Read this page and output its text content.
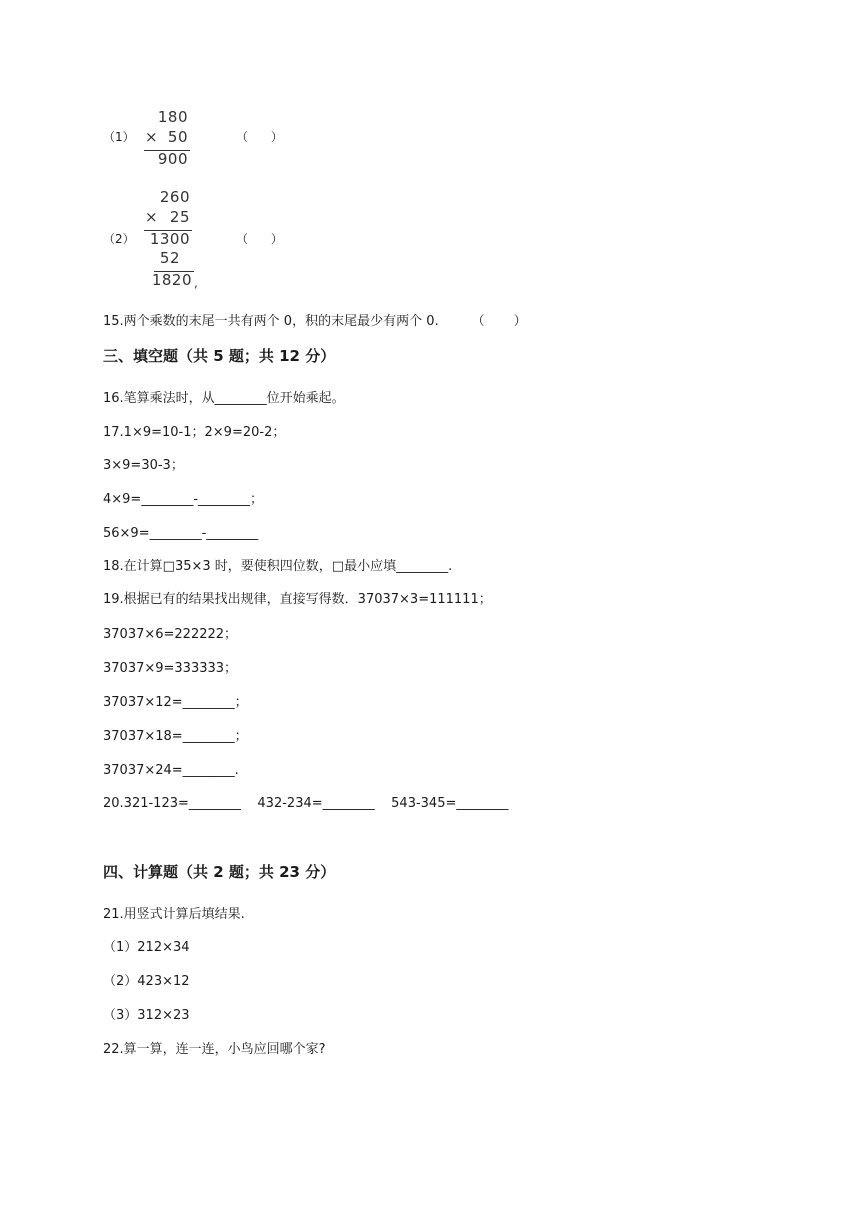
（1）
180
× 50
900
（      ）
（2）
260
× 25
1300
52
1820 ,
（      ）
15.两个乘数的末尾一共有两个 0，积的末尾最少有两个 0.        （       ）
三、填空题（共 5 题；共 12 分）
16.笔算乘法时，从________位开始乘起。
17.1×9=10-1；2×9=20-2；
3×9=30-3；
4×9=________-________；
56×9=________-________
18.在计算□35×3 时，要使积四位数，□最小应填________.
19.根据已有的结果找出规律，直接写得数．37037×3=111111；
37037×6=222222；
37037×9=333333；
37037×12=________；
37037×18=________；
37037×24=________.
20.321-123=________    432-234=________    543-345=________
四、计算题（共 2 题；共 23 分）
21.用竖式计算后填结果.
（1）212×34
（2）423×12
（3）312×23
22.算一算，连一连，小鸟应回哪个家?
